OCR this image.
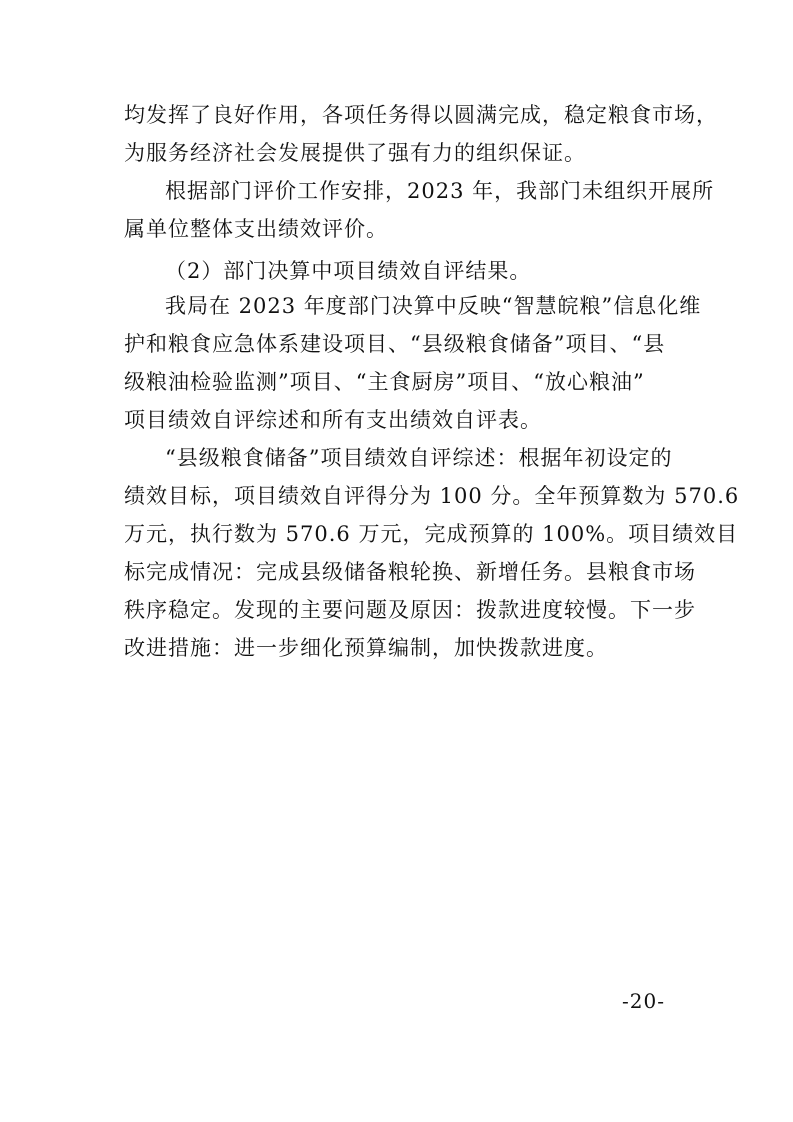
均发挥了良好作用，各项任务得以圆满完成，稳定粮食市场，
为服务经济社会发展提供了强有力的组织保证。
根据部门评价工作安排，2023 年，我部门未组织开展所
属单位整体支出绩效评价。
（2）部门决算中项目绩效自评结果。
我局在 2023 年度部门决算中反映“智慧皖粮”信息化维
护和粮食应急体系建设项目、“县级粮食储备”项目、“县
级粮油检验监测”项目、“主食厨房”项目、“放心粮油”
项目绩效自评综述和所有支出绩效自评表。
“县级粮食储备”项目绩效自评综述：根据年初设定的
绩效目标，项目绩效自评得分为 100 分。全年预算数为 570.6
万元，执行数为 570.6 万元，完成预算的 100%。项目绩效目
标完成情况：完成县级储备粮轮换、新增任务。县粮食市场
秩序稳定。发现的主要问题及原因：拨款进度较慢。下一步
改进措施：进一步细化预算编制，加快拨款进度。
-20-
